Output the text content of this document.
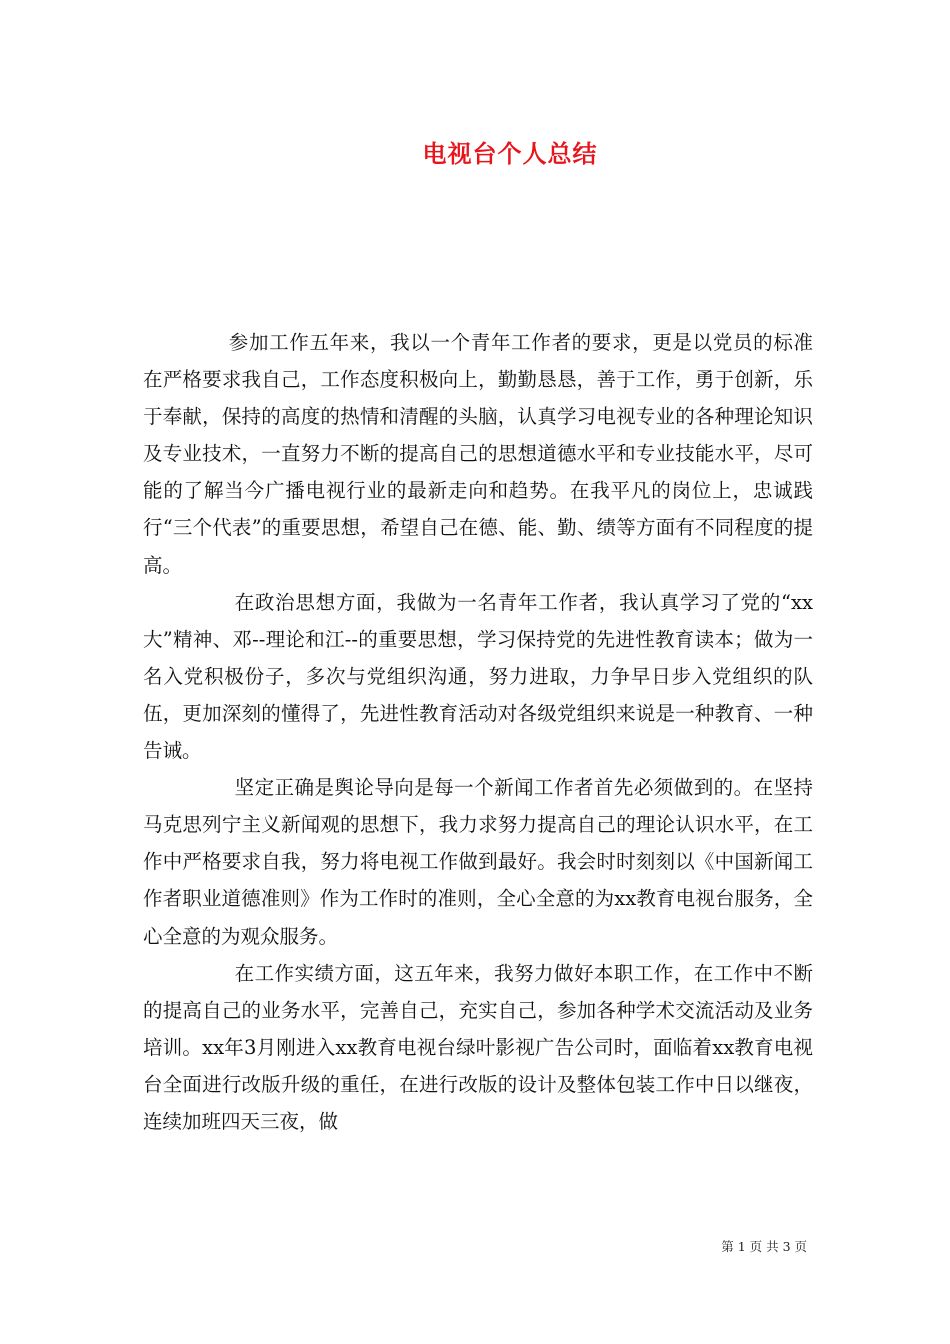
电视台个人总结

参加工作五年来，我以一个青年工作者的要求，更是以党员的标准在严格要求我自己，工作态度积极向上，勤勤恳恳，善于工作，勇于创新，乐于奉献，保持的高度的热情和清醒的头脑，认真学习电视专业的各种理论知识及专业技术，一直努力不断的提高自己的思想道德水平和专业技能水平，尽可能的了解当今广播电视行业的最新走向和趋势。在我平凡的岗位上，忠诚践行“三个代表”的重要思想，希望自己在德、能、勤、绩等方面有不同程度的提高。

在政治思想方面，我做为一名青年工作者，我认真学习了党的“xx大”精神、邓--理论和江--的重要思想，学习保持党的先进性教育读本；做为一名入党积极份子，多次与党组织沟通，努力进取，力争早日步入党组织的队伍，更加深刻的懂得了，先进性教育活动对各级党组织来说是一种教育、一种告诫。

坚定正确是舆论导向是每一个新闻工作者首先必须做到的。在坚持马克思列宁主义新闻观的思想下，我力求努力提高自己的理论认识水平，在工作中严格要求自我，努力将电视工作做到最好。我会时时刻刻以《中国新闻工作者职业道德准则》作为工作时的准则，全心全意的为xx教育电视台服务，全心全意的为观众服务。

在工作实绩方面，这五年来，我努力做好本职工作，在工作中不断的提高自己的业务水平，完善自己，充实自己，参加各种学术交流活动及业务培训。xx年3月刚进入xx教育电视台绿叶影视广告公司时，面临着xx教育电视台全面进行改版升级的重任，在进行改版的设计及整体包装工作中日以继夜，连续加班四天三夜，做

第 1 页 共 3 页
